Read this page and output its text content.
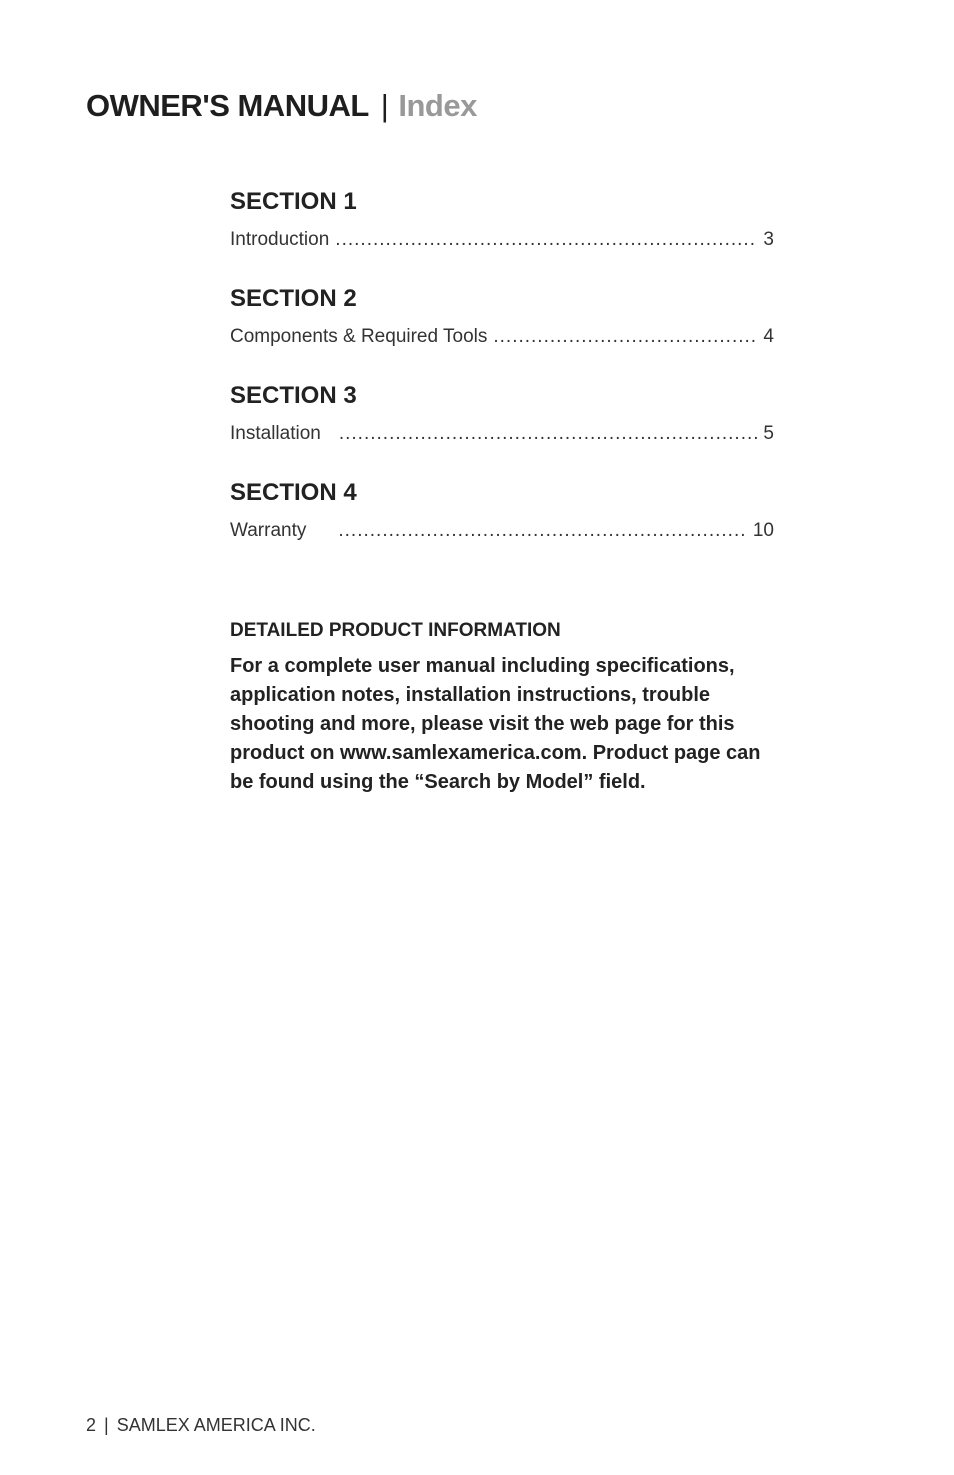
OWNER'S MANUAL | Index
SECTION 1
Introduction .....	3
SECTION 2
Components & Required Tools .....	4
SECTION 3
Installation .....	5
SECTION 4
Warranty .....	10
DETAILED PRODUCT INFORMATION

For a complete user manual including specifications, application notes, installation instructions, trouble shooting and more, please visit the web page for this product on www.samlexamerica.com. Product page can be found using the “Search by Model” field.

2 | SAMLEX AMERICA INC.
